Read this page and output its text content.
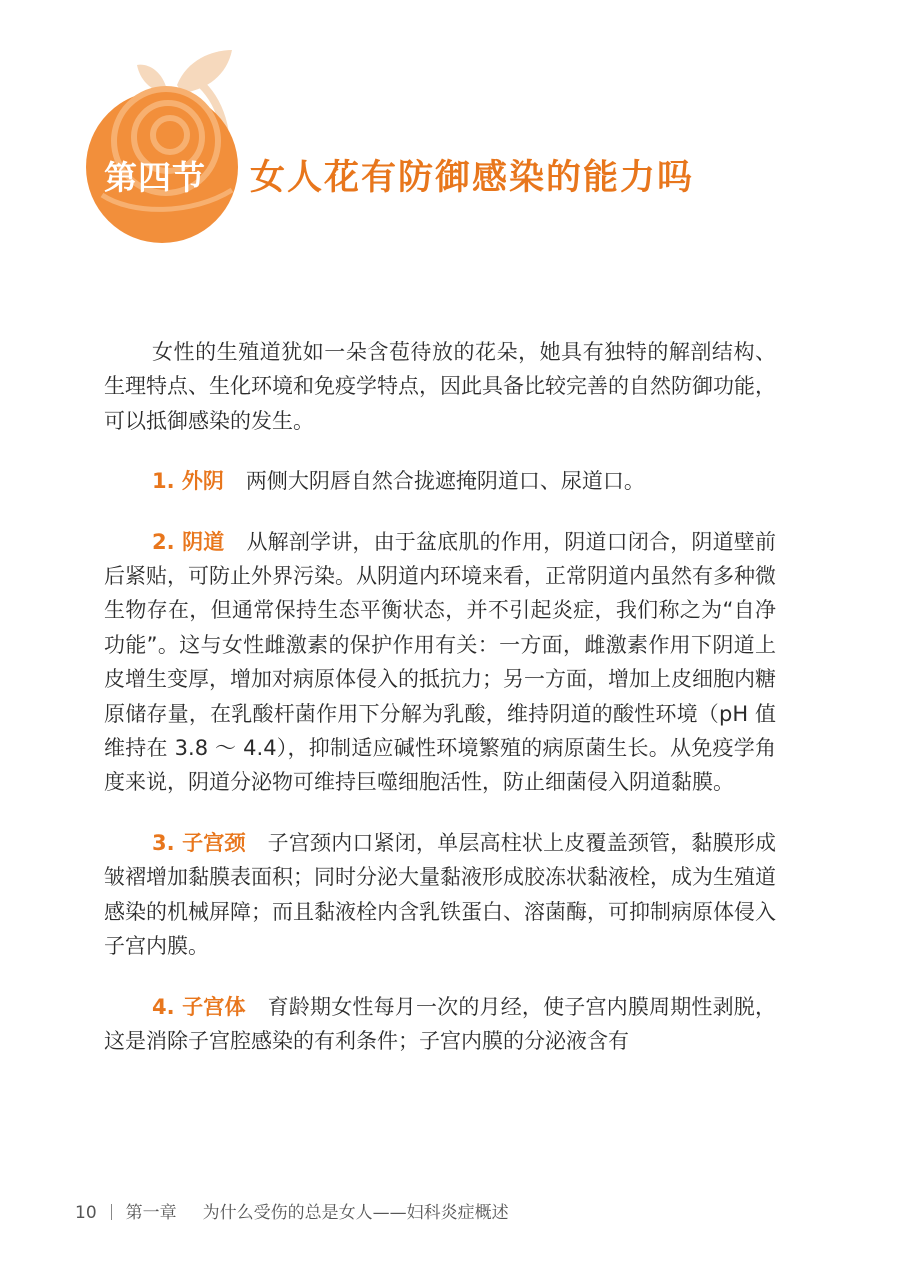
第四节 女人花有防御感染的能力吗

女性的生殖道犹如一朵含苞待放的花朵，她具有独特的解剖结构、生理特点、生化环境和免疫学特点，因此具备比较完善的自然防御功能，可以抵御感染的发生。

1. 外阴 两侧大阴唇自然合拢遮掩阴道口、尿道口。

2. 阴道 从解剖学讲，由于盆底肌的作用，阴道口闭合，阴道壁前后紧贴，可防止外界污染。从阴道内环境来看，正常阴道内虽然有多种微生物存在，但通常保持生态平衡状态，并不引起炎症，我们称之为“自净功能”。这与女性雌激素的保护作用有关：一方面，雌激素作用下阴道上皮增生变厚，增加对病原体侵入的抵抗力；另一方面，增加上皮细胞内糖原储存量，在乳酸杆菌作用下分解为乳酸，维持阴道的酸性环境（pH 值维持在 3.8 ～ 4.4），抑制适应碱性环境繁殖的病原菌生长。从免疫学角度来说，阴道分泌物可维持巨噬细胞活性，防止细菌侵入阴道黏膜。

3. 子宫颈 子宫颈内口紧闭，单层高柱状上皮覆盖颈管，黏膜形成皱褶增加黏膜表面积；同时分泌大量黏液形成胶冻状黏液栓，成为生殖道感染的机械屏障；而且黏液栓内含乳铁蛋白、溶菌酶，可抑制病原体侵入子宫内膜。

4. 子宫体 育龄期女性每月一次的月经，使子宫内膜周期性剥脱，这是消除子宫腔感染的有利条件；子宫内膜的分泌液含有

10 第一章 为什么受伤的总是女人——妇科炎症概述
